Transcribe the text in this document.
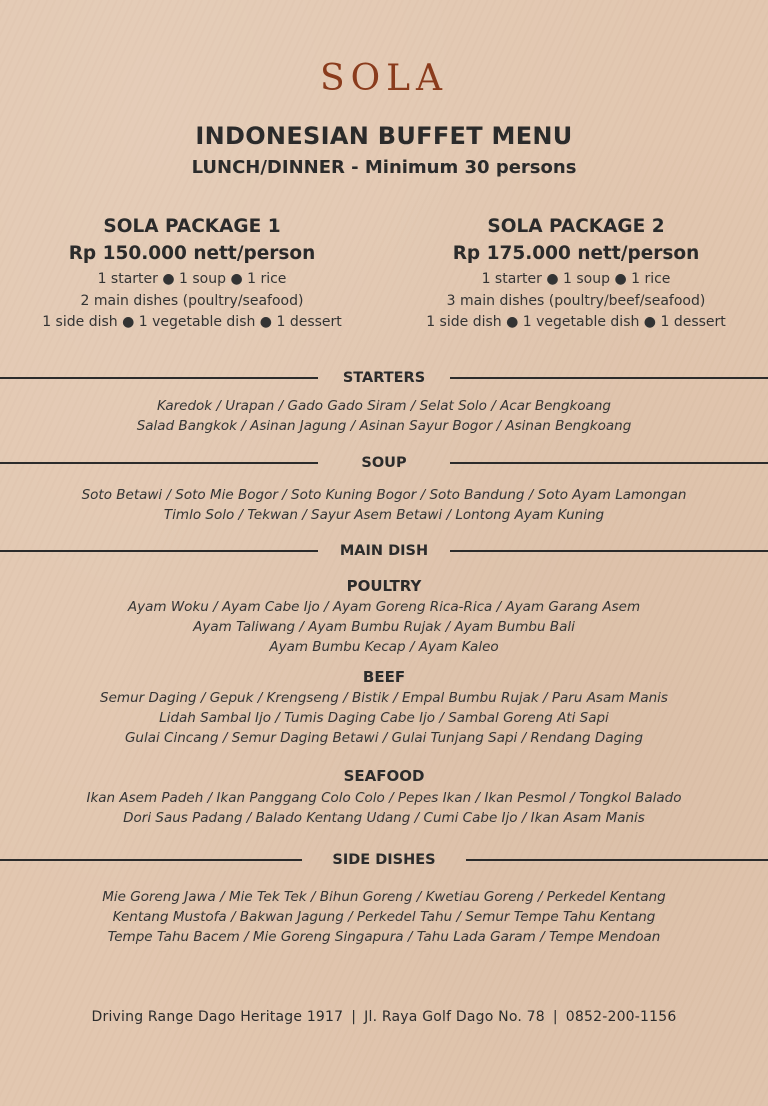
SOLA
INDONESIAN BUFFET MENU
LUNCH/DINNER - Minimum 30 persons
SOLA PACKAGE 1
Rp 150.000 nett/person
1 starter ● 1 soup ● 1 rice
2 main dishes (poultry/seafood)
1 side dish ● 1 vegetable dish ● 1 dessert
SOLA PACKAGE 2
Rp 175.000 nett/person
1 starter ● 1 soup ● 1 rice
3 main dishes (poultry/beef/seafood)
1 side dish ● 1 vegetable dish ● 1 dessert
STARTERS
Karedok / Urapan / Gado Gado Siram / Selat Solo / Acar Bengkoang
Salad Bangkok / Asinan Jagung / Asinan Sayur Bogor / Asinan Bengkoang
SOUP
Soto Betawi / Soto Mie Bogor / Soto Kuning Bogor / Soto Bandung / Soto Ayam Lamongan
Timlo Solo / Tekwan / Sayur Asem Betawi / Lontong Ayam Kuning
MAIN DISH
POULTRY
Ayam Woku / Ayam Cabe Ijo / Ayam Goreng Rica-Rica / Ayam Garang Asem
Ayam Taliwang / Ayam Bumbu Rujak / Ayam Bumbu Bali
Ayam Bumbu Kecap / Ayam Kaleo
BEEF
Semur Daging / Gepuk / Krengseng / Bistik / Empal Bumbu Rujak / Paru Asam Manis
Lidah Sambal Ijo / Tumis Daging Cabe Ijo / Sambal Goreng Ati Sapi
Gulai Cincang / Semur Daging Betawi / Gulai Tunjang Sapi / Rendang Daging
SEAFOOD
Ikan Asem Padeh / Ikan Panggang Colo Colo / Pepes Ikan / Ikan Pesmol / Tongkol Balado
Dori Saus Padang / Balado Kentang Udang / Cumi Cabe Ijo / Ikan Asam Manis
SIDE DISHES
Mie Goreng Jawa / Mie Tek Tek / Bihun Goreng / Kwetiau Goreng / Perkedel Kentang
Kentang Mustofa / Bakwan Jagung / Perkedel Tahu / Semur Tempe Tahu Kentang
Tempe Tahu Bacem / Mie Goreng Singapura / Tahu Lada Garam / Tempe Mendoan
Driving Range Dago Heritage 1917 | Jl. Raya Golf Dago No. 78 | 0852-200-1156
